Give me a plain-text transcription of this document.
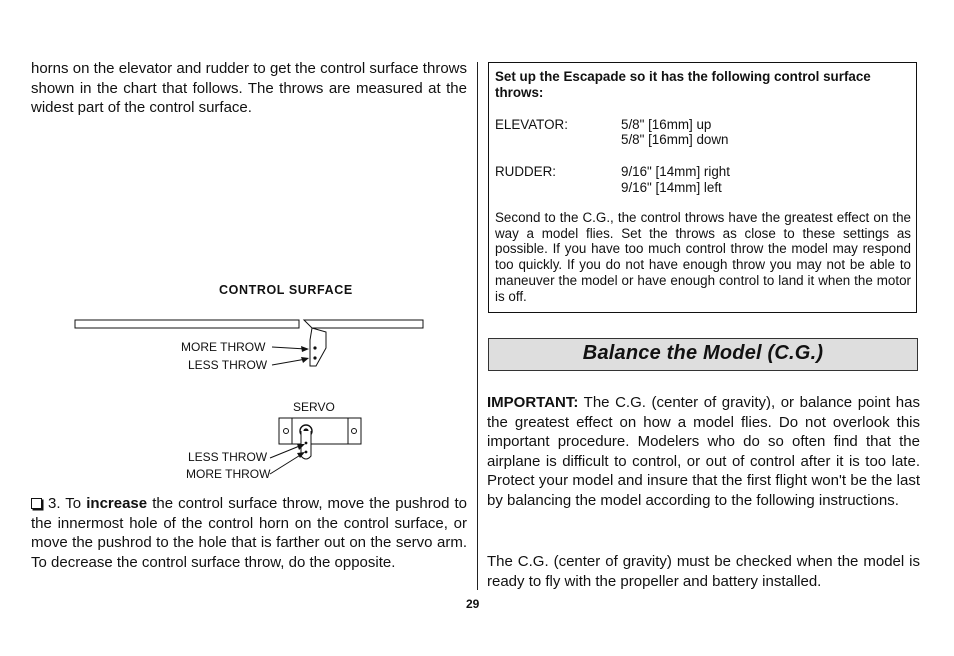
horns on the elevator and rudder to get the control surface throws shown in the chart that follows. The throws are measured at the widest part of the control surface.

CONTROL SURFACE

MORE THROW

LESS THROW

SERVO

LESS THROW

MORE THROW

3. To increase the control surface throw, move the pushrod to the innermost hole of the control horn on the control surface, or move the pushrod to the hole that is farther out on the servo arm. To decrease the control surface throw, do the opposite.

Set up the Escapade so it has the following control surface throws:

ELEVATOR:	5/8" [16mm] up

5/8" [16mm] down

RUDDER:	9/16" [14mm] right

9/16" [14mm] left

Second to the C.G., the control throws have the greatest effect on the way a model flies. Set the throws as close to these settings as possible. If you have too much control throw the model may respond too quickly. If you do not have enough throw you may not be able to maneuver the model or have enough control to land it when the motor is off.

Balance the Model (C.G.)

IMPORTANT: The C.G. (center of gravity), or balance point has the greatest effect on how a model flies. Do not overlook this important procedure. Modelers who do so often find that the airplane is difficult to control, or out of control after it is too late. Protect your model and insure that the first flight won't be the last by balancing the model according to the following instructions.

The C.G. (center of gravity) must be checked when the model is ready to fly with the propeller and battery installed.

29
